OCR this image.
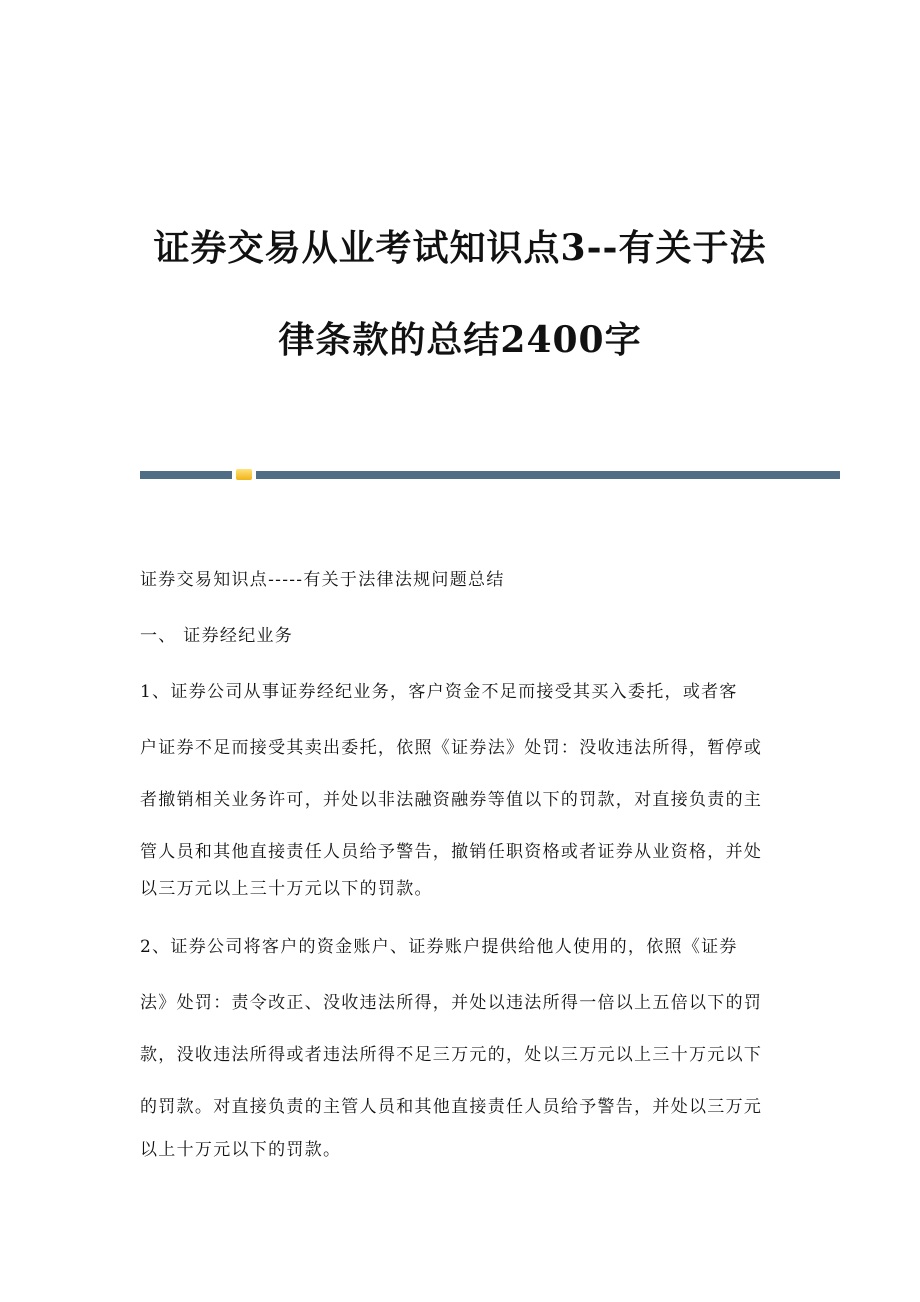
证券交易从业考试知识点3--有关于法
律条款的总结2400字
证券交易知识点-----有关于法律法规问题总结
一、 证券经纪业务
1、证券公司从事证券经纪业务，客户资金不足而接受其买入委托，或者客
户证券不足而接受其卖出委托，依照《证券法》处罚：没收违法所得，暂停或
者撤销相关业务许可，并处以非法融资融券等值以下的罚款，对直接负责的主
管人员和其他直接责任人员给予警告，撤销任职资格或者证券从业资格，并处
以三万元以上三十万元以下的罚款。
2、证券公司将客户的资金账户、证券账户提供给他人使用的，依照《证券
法》处罚：责令改正、没收违法所得，并处以违法所得一倍以上五倍以下的罚
款，没收违法所得或者违法所得不足三万元的，处以三万元以上三十万元以下
的罚款。对直接负责的主管人员和其他直接责任人员给予警告，并处以三万元
以上十万元以下的罚款。
